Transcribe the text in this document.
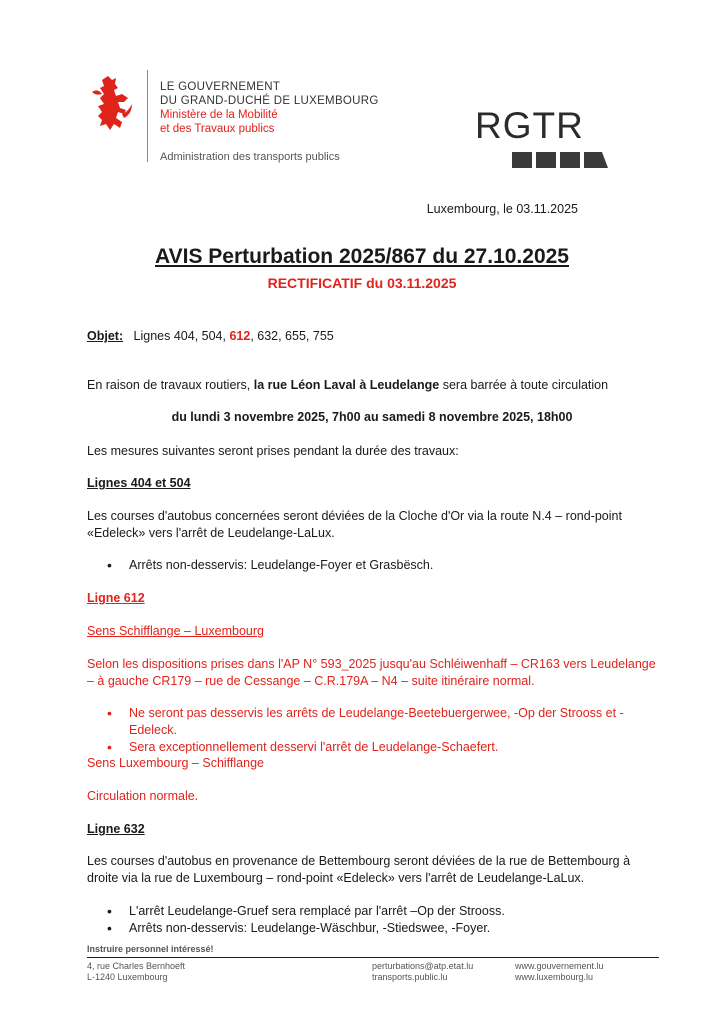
LE GOUVERNEMENT
DU GRAND-DUCHÉ DE LUXEMBOURG
Ministère de la Mobilité
et des Travaux publics
Administration des transports publics
RGTR
Luxembourg, le 03.11.2025
AVIS Perturbation 2025/867 du 27.10.2025
RECTIFICATIF du 03.11.2025
Objet: Lignes 404, 504, 612, 632, 655, 755
En raison de travaux routiers, la rue Léon Laval à Leudelange sera barrée à toute circulation
du lundi 3 novembre 2025, 7h00 au samedi 8 novembre 2025, 18h00
Les mesures suivantes seront prises pendant la durée des travaux:
Lignes 404 et 504
Les courses d'autobus concernées seront déviées de la Cloche d'Or via la route N.4 – rond-point «Edeleck» vers l'arrêt de Leudelange-LaLux.
• Arrêts non-desservis: Leudelange-Foyer et Grasbësch.
Ligne 612
Sens Schifflange – Luxembourg
Selon les dispositions prises dans l'AP N° 593_2025 jusqu'au Schléiwenhaff – CR163 vers Leudelange – à gauche CR179 – rue de Cessange – C.R.179A – N4 – suite itinéraire normal.
• Ne seront pas desservis les arrêts de Leudelange-Beetebuergerwee, -Op der Strooss et -Edeleck.
• Sera exceptionnellement desservi l'arrêt de Leudelange-Schaefert.
Sens Luxembourg – Schifflange
Circulation normale.
Ligne 632
Les courses d'autobus en provenance de Bettembourg seront déviées de la rue de Bettembourg à droite via la rue de Luxembourg – rond-point «Edeleck» vers l'arrêt de Leudelange-LaLux.
• L'arrêt Leudelange-Gruef sera remplacé par l'arrêt –Op der Strooss.
• Arrêts non-desservis: Leudelange-Wäschbur, -Stiedswee, -Foyer.
Instruire personnel intéressé!
4, rue Charles Bernhoeft
L-1240 Luxembourg
perturbations@atp.etat.lu
transports.public.lu
www.gouvernement.lu
www.luxembourg.lu
